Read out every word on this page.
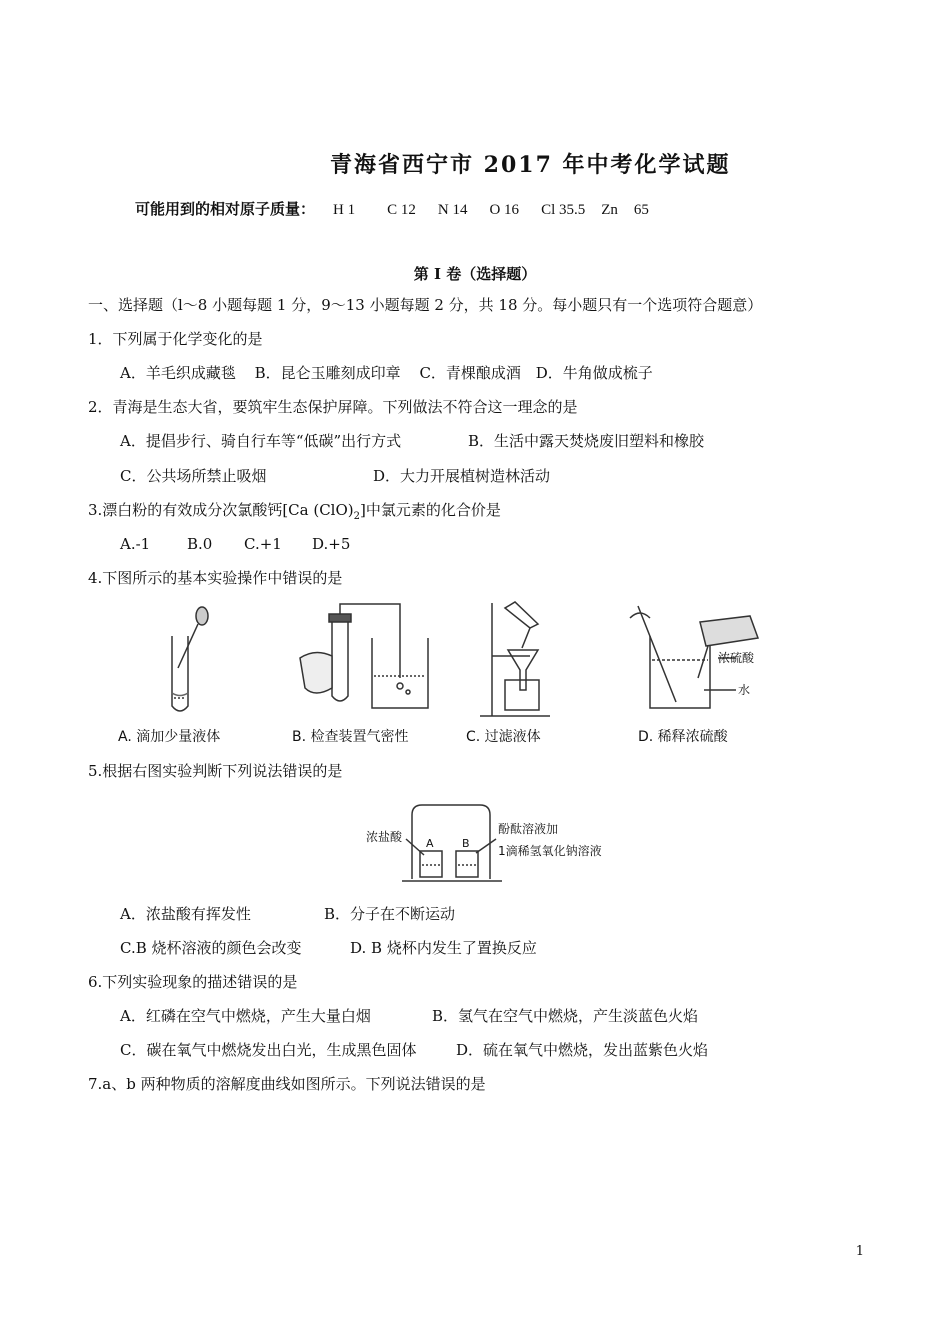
青海省西宁市 2017 年中考化学试题
可能用到的相对原子质量： H 1 C 12 N 14 O 16 Cl 35.5 Zn 65
第 I 卷（选择题）
一、选择题（l～8 小题每题 1 分，9～13 小题每题 2 分，共 18 分。每小题只有一个选项符合题意）
1．下列属于化学变化的是
A．羊毛织成藏毯 B．昆仑玉雕刻成印章 C．青棵酿成酒 D．牛角做成梳子
2．青海是生态大省，要筑牢生态保护屏障。下列做法不符合这一理念的是
A．提倡步行、骑自行车等“低碳”出行方式	B．生活中露天焚烧废旧塑料和橡胶
C．公共场所禁止吸烟	D．大力开展植树造林活动
3.漂白粉的有效成分次氯酸钙[Ca $(ClO)_2$]中氯元素的化合价是
A.-1 B.0 C.+1 D.+5
4.下图所示的基本实验操作中错误的是
浓硫酸
水
A. 滴加少量液体	B. 检查装置气密性	C. 过滤液体	D. 稀释浓硫酸
5.根据右图实验判断下列说法错误的是
浓盐酸 A	B
酚酞溶液加
1滴稀氢氧化钠溶液
A．浓盐酸有挥发性	B．分子在不断运动
C.B 烧杯溶液的颜色会改变	D. B 烧杯内发生了置换反应
6.下列实验现象的描述错误的是
A．红磷在空气中燃烧，产生大量白烟	B．氢气在空气中燃烧，产生淡蓝色火焰
C．碳在氧气中燃烧发出白光，生成黑色固体	D．硫在氧气中燃烧，发出蓝紫色火焰
7.a、b 两种物质的溶解度曲线如图所示。下列说法错误的是
1
